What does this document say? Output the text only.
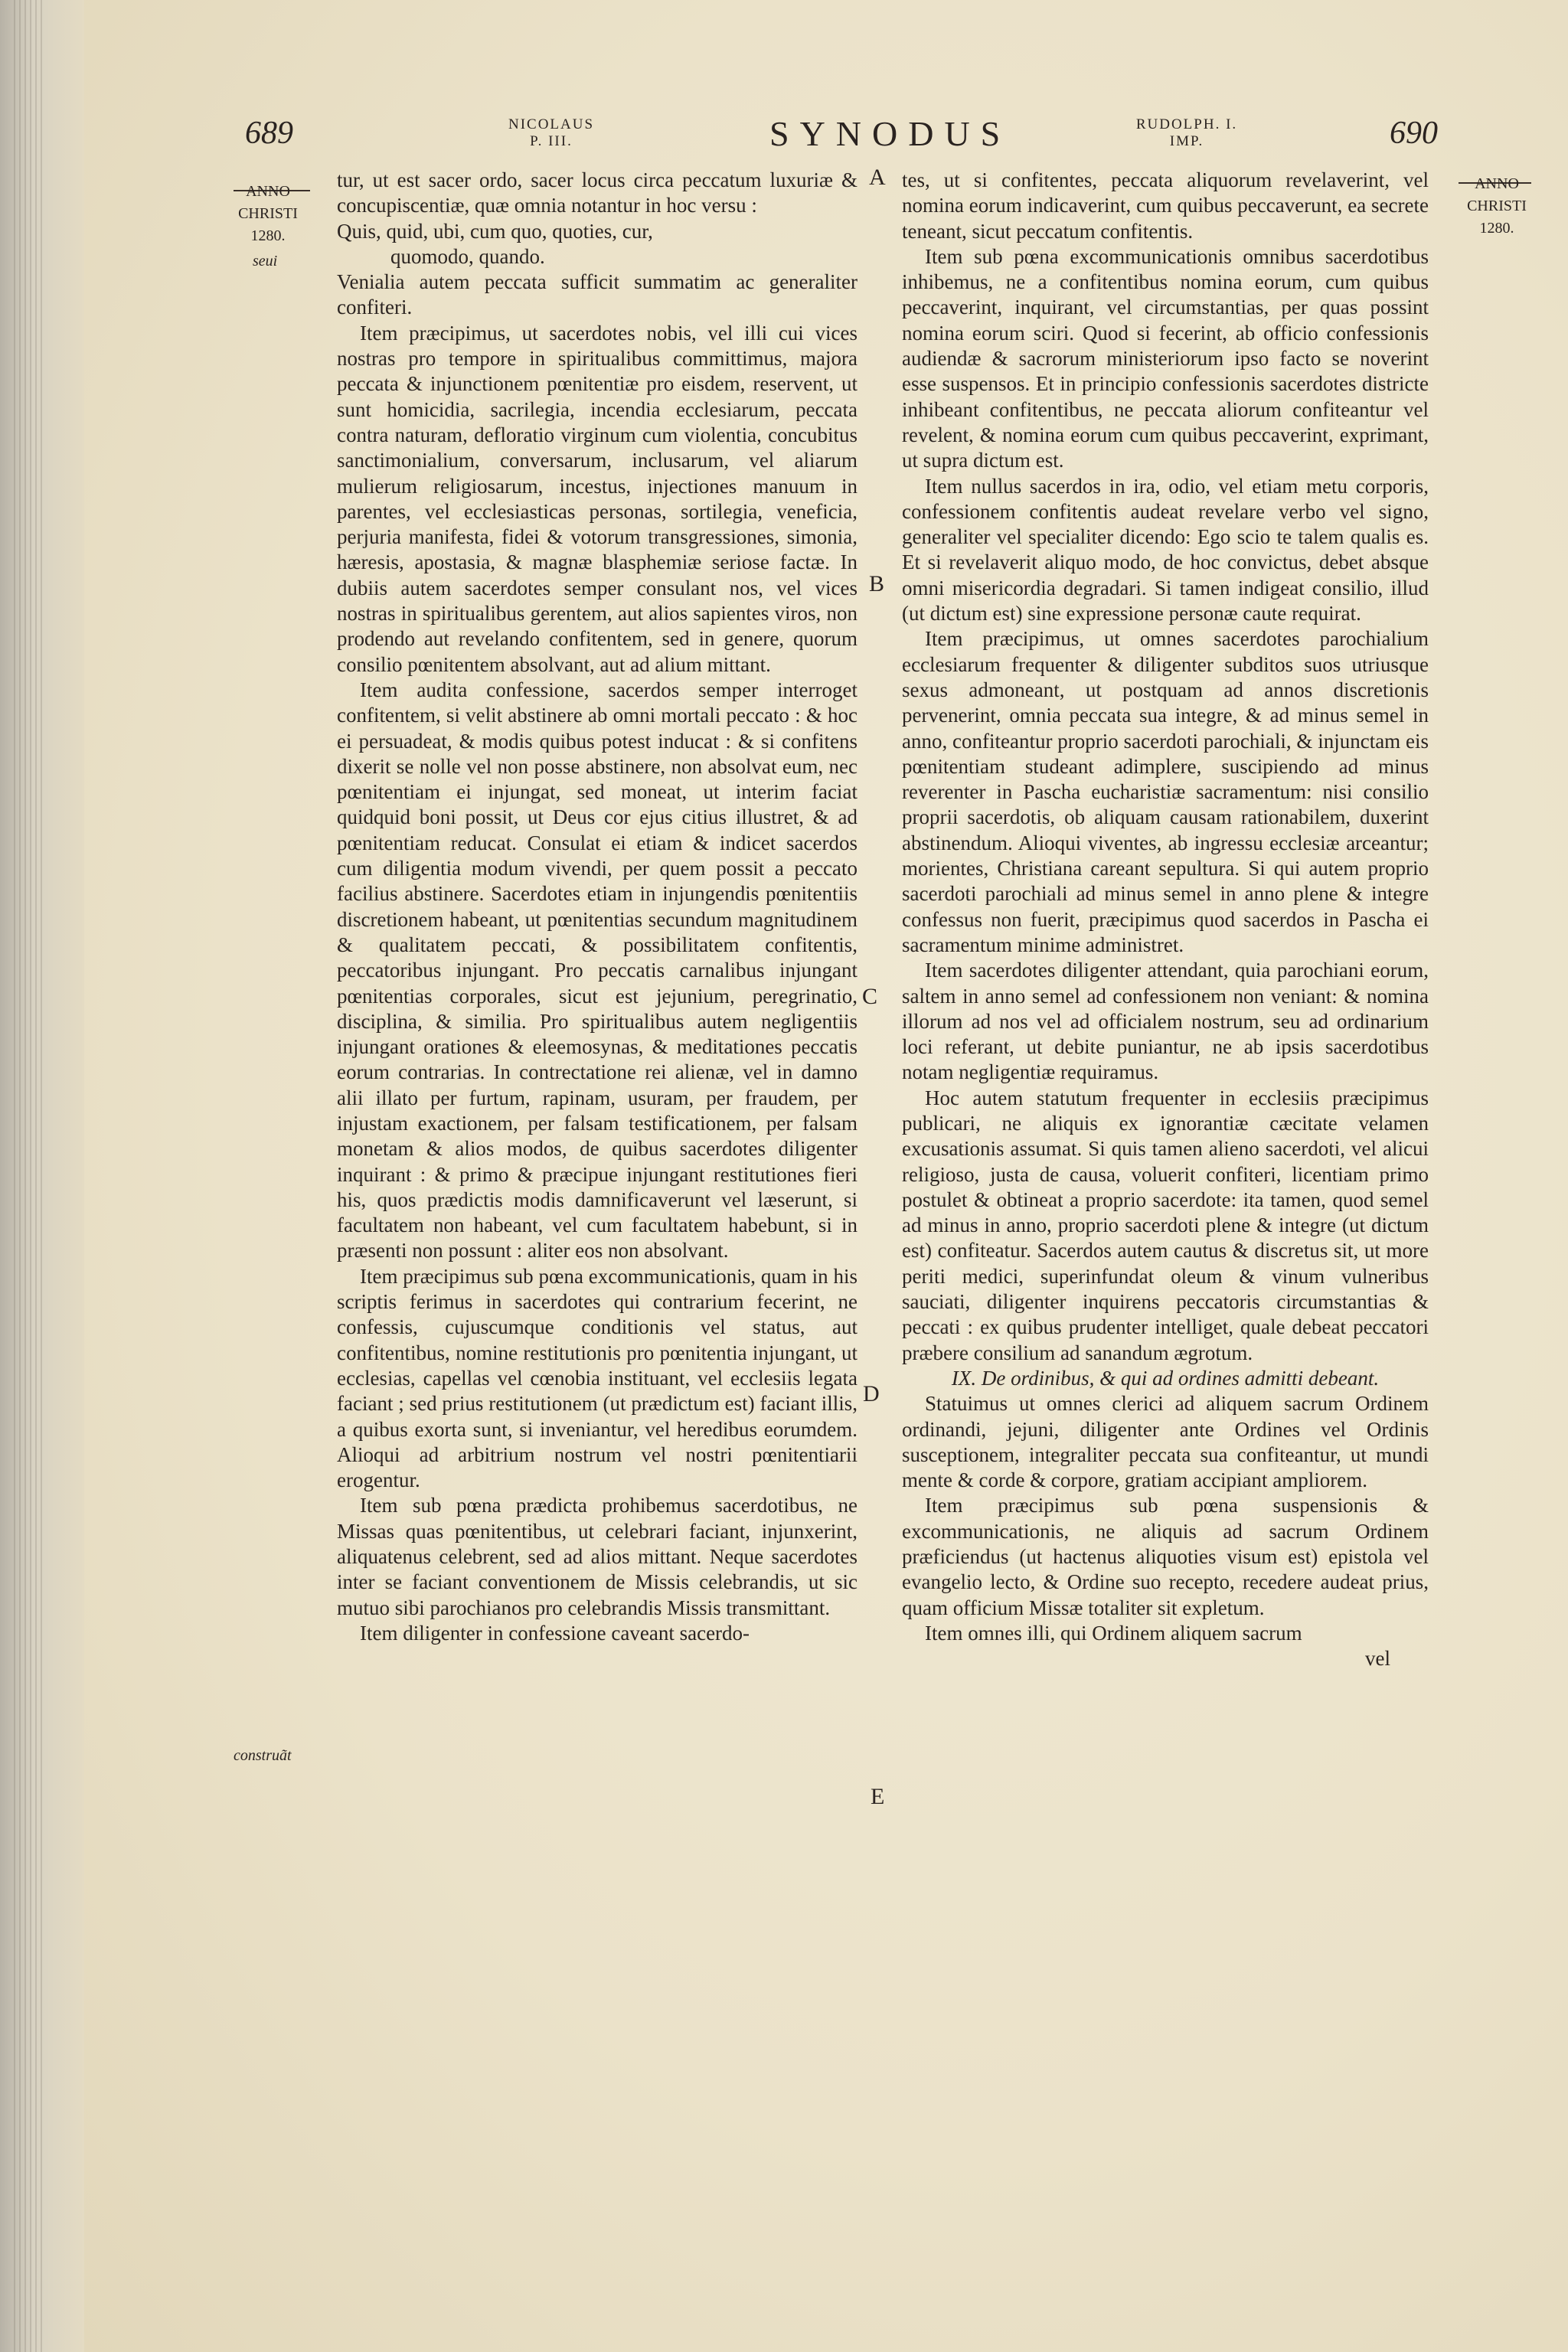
689	NICOLAUS
P. III.	SYNODUS	RUDOLPH. I.
IMP.	690
ANNO
CHRISTI
1280.
seui
construãt
ANNO
CHRISTI
1280.
A
B
C
D
E

tur, ut est sacer ordo, sacer locus circa peccatum luxuriæ & concupiscentiæ, quæ omnia notantur in hoc versu :

Quis, quid, ubi, cum quo, quoties, cur,

quomodo, quando.

Venialia autem peccata sufficit summatim ac generaliter confiteri.

Item præcipimus, ut sacerdotes nobis, vel illi cui vices nostras pro tempore in spiritualibus committimus, majora peccata & injunctionem pœnitentiæ pro eisdem, reservent, ut sunt homicidia, sacrilegia, incendia ecclesiarum, peccata contra naturam, defloratio virginum cum violentia, concubitus sanctimonialium, conversarum, inclusarum, vel aliarum mulierum religiosarum, incestus, injectiones manuum in parentes, vel ecclesiasticas personas, sortilegia, veneficia, perjuria manifesta, fidei & votorum transgressiones, simonia, hæresis, apostasia, & magnæ blasphemiæ seriose factæ. In dubiis autem sacerdotes semper consulant nos, vel vices nostras in spiritualibus gerentem, aut alios sapientes viros, non prodendo aut revelando confitentem, sed in genere, quorum consilio pœnitentem absolvant, aut ad alium mittant.

Item audita confessione, sacerdos semper interroget confitentem, si velit abstinere ab omni mortali peccato : & hoc ei persuadeat, & modis quibus potest inducat : & si confitens dixerit se nolle vel non posse abstinere, non absolvat eum, nec pœnitentiam ei injungat, sed moneat, ut interim faciat quidquid boni possit, ut Deus cor ejus citius illustret, & ad pœnitentiam reducat. Consulat ei etiam & indicet sacerdos cum diligentia modum vivendi, per quem possit a peccato facilius abstinere. Sacerdotes etiam in injungendis pœnitentiis discretionem habeant, ut pœnitentias secundum magnitudinem & qualitatem peccati, & possibilitatem confitentis, peccatoribus injungant. Pro peccatis carnalibus injungant pœnitentias corporales, sicut est jejunium, peregrinatio, disciplina, & similia. Pro spiritualibus autem negligentiis injungant orationes & eleemosynas, & meditationes peccatis eorum contrarias. In contrectatione rei alienæ, vel in damno alii illato per furtum, rapinam, usuram, per fraudem, per injustam exactionem, per falsam testificationem, per falsam monetam & alios modos, de quibus sacerdotes diligenter inquirant : & primo & præcipue injungant restitutiones fieri his, quos prædictis modis damnificaverunt vel læserunt, si facultatem non habeant, vel cum facultatem habebunt, si in præsenti non possunt : aliter eos non absolvant.

Item præcipimus sub pœna excommunicationis, quam in his scriptis ferimus in sacerdotes qui contrarium fecerint, ne confessis, cujuscumque conditionis vel status, aut confitentibus, nomine restitutionis pro pœnitentia injungant, ut ecclesias, capellas vel cœnobia instituant, vel ecclesiis legata faciant ; sed prius restitutionem (ut prædictum est) faciant illis, a quibus exorta sunt, si inveniantur, vel heredibus eorumdem. Alioqui ad arbitrium nostrum vel nostri pœnitentiarii erogentur.

Item sub pœna prædicta prohibemus sacerdotibus, ne Missas quas pœnitentibus, ut celebrari faciant, injunxerint, aliquatenus celebrent, sed ad alios mittant. Neque sacerdotes inter se faciant conventionem de Missis celebrandis, ut sic mutuo sibi parochianos pro celebrandis Missis transmittant.

Item diligenter in confessione caveant sacerdo-

tes, ut si confitentes, peccata aliquorum revelaverint, vel nomina eorum indicaverint, cum quibus peccaverunt, ea secrete teneant, sicut peccatum confitentis.

Item sub pœna excommunicationis omnibus sacerdotibus inhibemus, ne a confitentibus nomina eorum, cum quibus peccaverint, inquirant, vel circumstantias, per quas possint nomina eorum sciri. Quod si fecerint, ab officio confessionis audiendæ & sacrorum ministeriorum ipso facto se noverint esse suspensos. Et in principio confessionis sacerdotes districte inhibeant confitentibus, ne peccata aliorum confiteantur vel revelent, & nomina eorum cum quibus peccaverint, exprimant, ut supra dictum est.

Item nullus sacerdos in ira, odio, vel etiam metu corporis, confessionem confitentis audeat revelare verbo vel signo, generaliter vel specialiter dicendo: Ego scio te talem qualis es. Et si revelaverit aliquo modo, de hoc convictus, debet absque omni misericordia degradari. Si tamen indigeat consilio, illud (ut dictum est) sine expressione personæ caute requirat.

Item præcipimus, ut omnes sacerdotes parochialium ecclesiarum frequenter & diligenter subditos suos utriusque sexus admoneant, ut postquam ad annos discretionis pervenerint, omnia peccata sua integre, & ad minus semel in anno, confiteantur proprio sacerdoti parochiali, & injunctam eis pœnitentiam studeant adimplere, suscipiendo ad minus reverenter in Pascha eucharistiæ sacramentum: nisi consilio proprii sacerdotis, ob aliquam causam rationabilem, duxerint abstinendum. Alioqui viventes, ab ingressu ecclesiæ arceantur; morientes, Christiana careant sepultura. Si qui autem proprio sacerdoti parochiali ad minus semel in anno plene & integre confessus non fuerit, præcipimus quod sacerdos in Pascha ei sacramentum minime administret.

Item sacerdotes diligenter attendant, quia parochiani eorum, saltem in anno semel ad confessionem non veniant: & nomina illorum ad nos vel ad officialem nostrum, seu ad ordinarium loci referant, ut debite puniantur, ne ab ipsis sacerdotibus notam negligentiæ requiramus.

Hoc autem statutum frequenter in ecclesiis præcipimus publicari, ne aliquis ex ignorantiæ cæcitate velamen excusationis assumat. Si quis tamen alieno sacerdoti, vel alicui religioso, justa de causa, voluerit confiteri, licentiam primo postulet & obtineat a proprio sacerdote: ita tamen, quod semel ad minus in anno, proprio sacerdoti plene & integre (ut dictum est) confiteatur. Sacerdos autem cautus & discretus sit, ut more periti medici, superinfundat oleum & vinum vulneribus sauciati, diligenter inquirens peccatoris circumstantias & peccati : ex quibus prudenter intelliget, quale debeat peccatori præbere consilium ad sanandum ægrotum.

IX. De ordinibus, & qui ad ordines admitti debeant.

Statuimus ut omnes clerici ad aliquem sacrum Ordinem ordinandi, jejuni, diligenter ante Ordines vel Ordinis susceptionem, integraliter peccata sua confiteantur, ut mundi mente & corde & corpore, gratiam accipiant ampliorem.

Item præcipimus sub pœna suspensionis & excommunicationis, ne aliquis ad sacrum Ordinem præficiendus (ut hactenus aliquoties visum est) epistola vel evangelio lecto, & Ordine suo recepto, recedere audeat prius, quam officium Missæ totaliter sit expletum.

Item omnes illi, qui Ordinem aliquem sacrum

vel
